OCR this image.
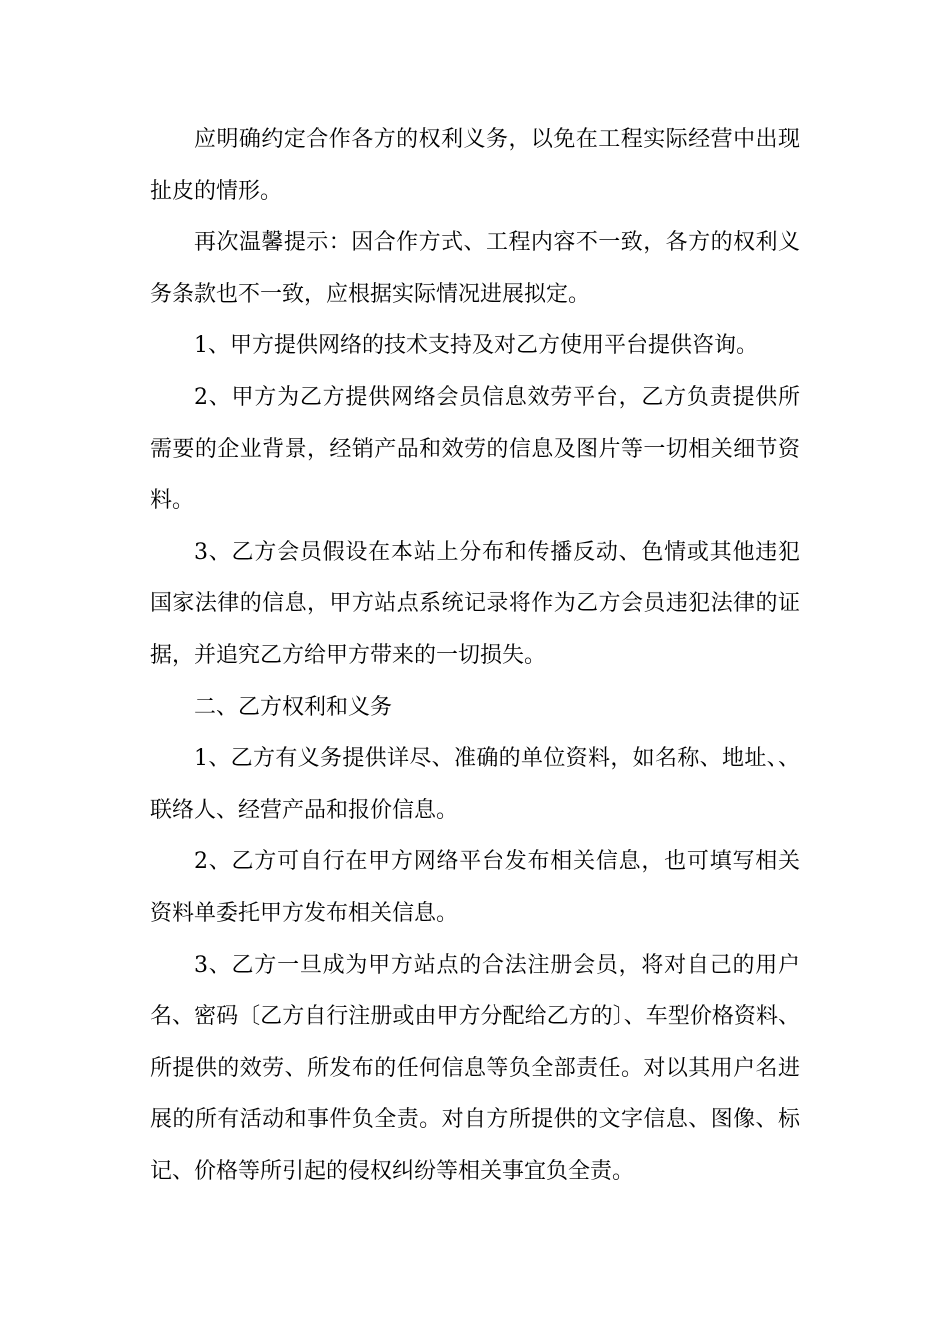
应明确约定合作各方的权利义务，以免在工程实际经营中出现扯皮的情形。

再次温馨提示：因合作方式、工程内容不一致，各方的权利义务条款也不一致，应根据实际情况进展拟定。

1、甲方提供网络的技术支持及对乙方使用平台提供咨询。

2、甲方为乙方提供网络会员信息效劳平台，乙方负责提供所需要的企业背景，经销产品和效劳的信息及图片等一切相关细节资料。

3、乙方会员假设在本站上分布和传播反动、色情或其他违犯国家法律的信息，甲方站点系统记录将作为乙方会员违犯法律的证据，并追究乙方给甲方带来的一切损失。

二、乙方权利和义务

1、乙方有义务提供详尽、准确的单位资料，如名称、地址、、联络人、经营产品和报价信息。

2、乙方可自行在甲方网络平台发布相关信息，也可填写相关资料单委托甲方发布相关信息。

3、乙方一旦成为甲方站点的合法注册会员，将对自己的用户名、密码〔乙方自行注册或由甲方分配给乙方的〕、车型价格资料、所提供的效劳、所发布的任何信息等负全部责任。对以其用户名进展的所有活动和事件负全责。对自方所提供的文字信息、图像、标记、价格等所引起的侵权纠纷等相关事宜负全责。
